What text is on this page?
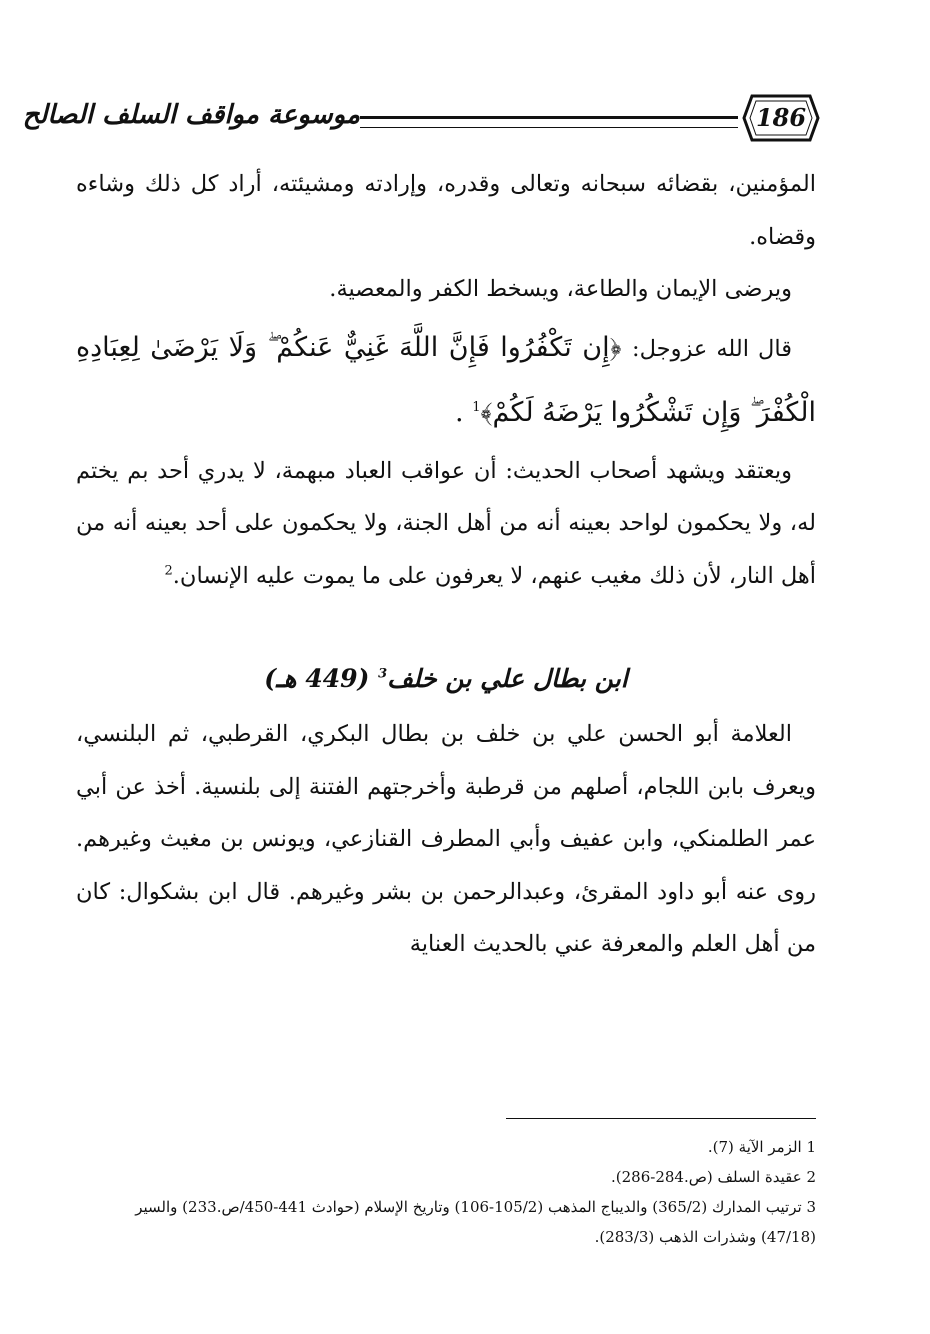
موسوعة مواقف السلف الصالح	186

المؤمنين، بقضائه سبحانه وتعالى وقدره، وإرادته ومشيئته، أراد كل ذلك وشاءه وقضاه.

ويرضى الإيمان والطاعة، ويسخط الكفر والمعصية.

قال الله عزوجل: ﴿إِن تَكْفُرُوا فَإِنَّ اللَّهَ غَنِيٌّ عَنكُمْ ۖ وَلَا يَرْضَىٰ لِعِبَادِهِ الْكُفْرَ ۖ وَإِن تَشْكُرُوا يَرْضَهُ لَكُمْ﴾$^1$ .

ويعتقد ويشهد أصحاب الحديث: أن عواقب العباد مبهمة، لا يدري أحد بم يختم له، ولا يحكمون لواحد بعينه أنه من أهل الجنة، ولا يحكمون على أحد بعينه أنه من أهل النار، لأن ذلك مغيب عنهم، لا يعرفون على ما يموت عليه الإنسان.$^2$

ابن بطال علي بن خلف$^3$ (449 هـ)

العلامة أبو الحسن علي بن خلف بن بطال البكري، القرطبي، ثم البلنسي، ويعرف بابن اللجام، أصلهم من قرطبة وأخرجتهم الفتنة إلى بلنسية. أخذ عن أبي عمر الطلمنكي، وابن عفيف وأبي المطرف القنازعي، ويونس بن مغيث وغيرهم. روى عنه أبو داود المقرئ، وعبدالرحمن بن بشر وغيرهم. قال ابن بشكوال: كان من أهل العلم والمعرفة عني بالحديث العناية

1 الزمر الآية (7).

2 عقيدة السلف (ص.284-286).

3 ترتيب المدارك (365/2) والديباج المذهب (105/2-106) وتاريخ الإسلام (حوادث 441-450/ص.233) والسير (47/18) وشذرات الذهب (283/3).
